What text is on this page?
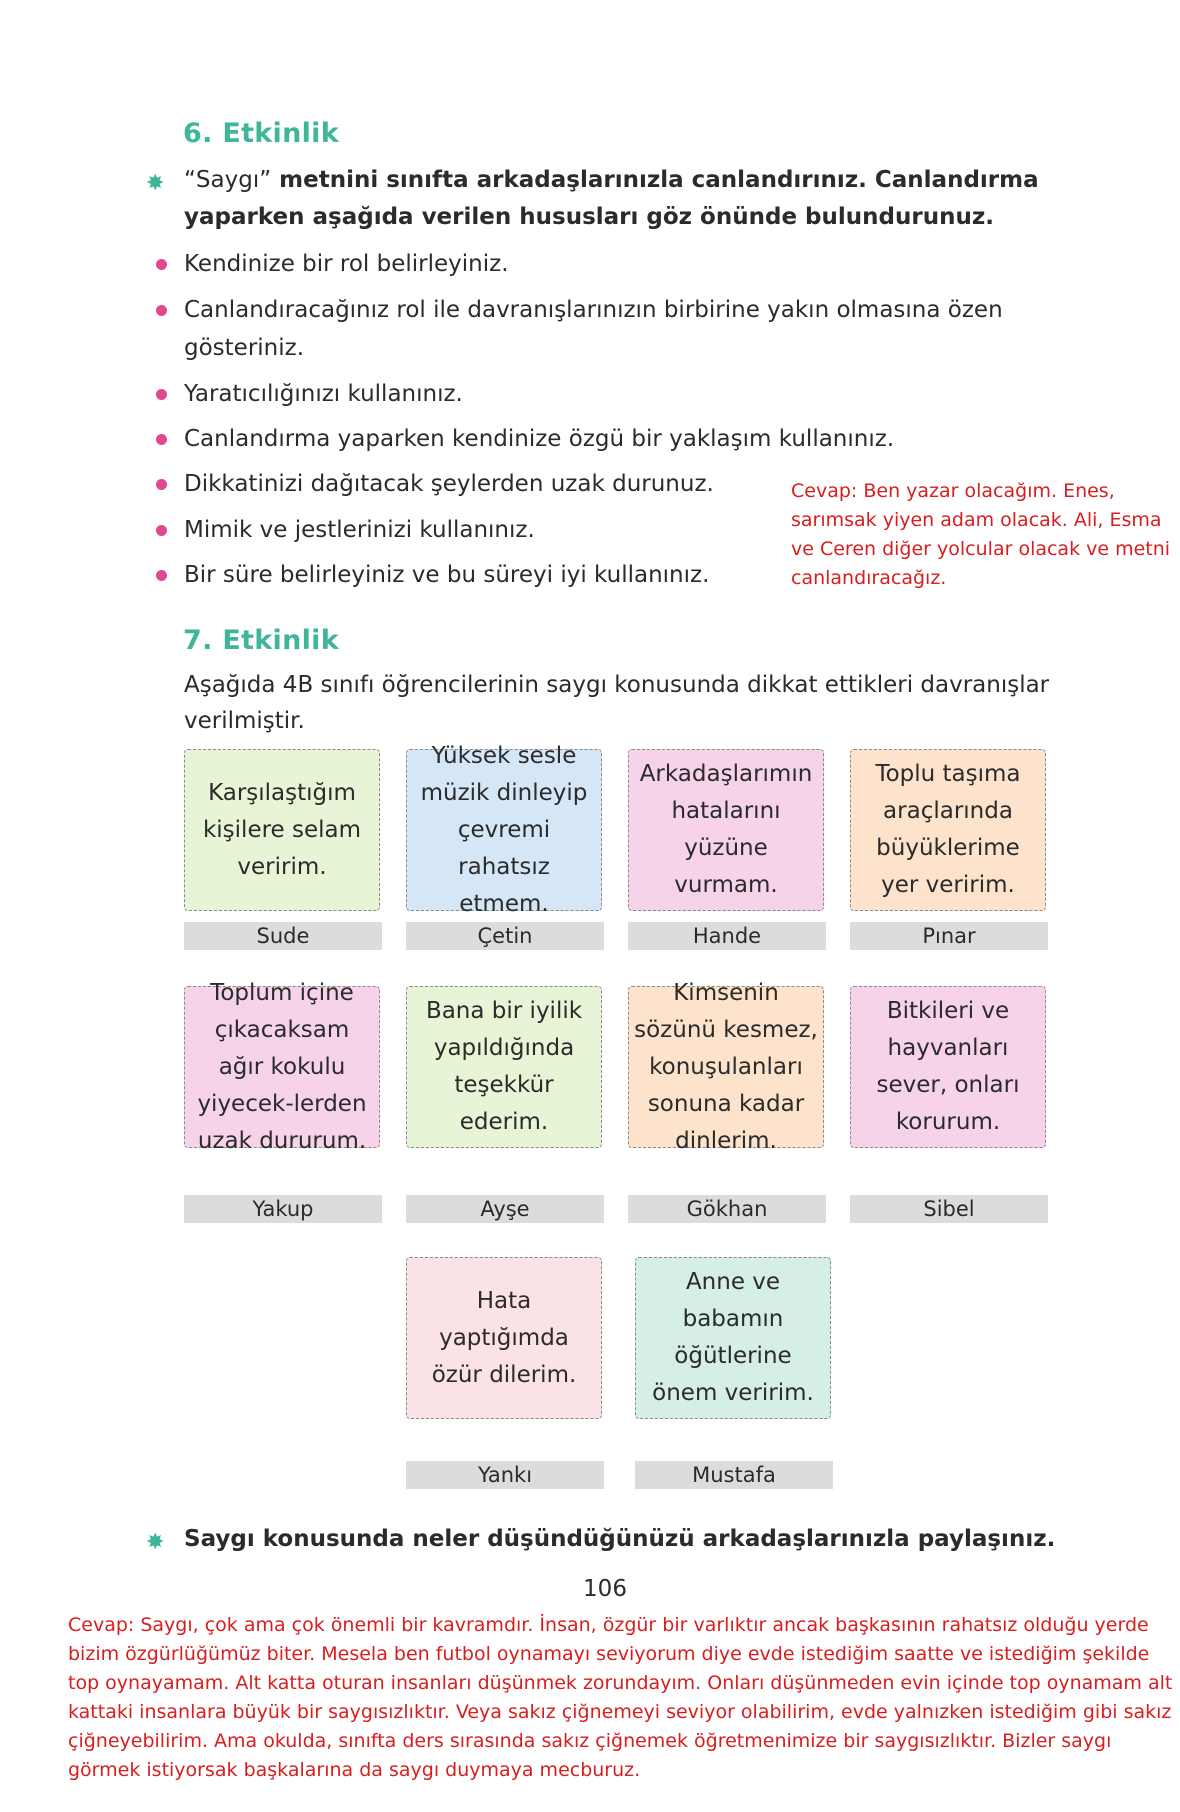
6. Etkinlik
✸ “Saygı” metnini sınıfta arkadaşlarınızla canlandırınız. Canlandırma yaparken aşağıda verilen hususları göz önünde bulundurunuz.
Kendinize bir rol belirleyiniz.
Canlandıracağınız rol ile davranışlarınızın birbirine yakın olmasına özen gösteriniz.
Yaratıcılığınızı kullanınız.
Canlandırma yaparken kendinize özgü bir yaklaşım kullanınız.
Dikkatinizi dağıtacak şeylerden uzak durunuz.
Mimik ve jestlerinizi kullanınız.
Bir süre belirleyiniz ve bu süreyi iyi kullanınız.
Cevap: Ben yazar olacağım. Enes, sarımsak yiyen adam olacak. Ali, Esma ve Ceren diğer yolcular olacak ve metni canlandıracağız.
7. Etkinlik
Aşağıda 4B sınıfı öğrencilerinin saygı konusunda dikkat ettikleri davranışlar verilmiştir.
Karşılaştığım kişilere selam veririm.
Sude
Yüksek sesle müzik dinleyip çevremi rahatsız etmem.
Çetin
Arkadaşlarımın hatalarını yüzüne vurmam.
Hande
Toplu taşıma araçlarında büyüklerime yer veririm.
Pınar
Toplum içine çıkacaksam ağır kokulu yiyecek-lerden uzak dururum.
Yakup
Bana bir iyilik yapıldığında teşekkür ederim.
Ayşe
Kimsenin sözünü kesmez, konuşulanları sonuna kadar dinlerim.
Gökhan
Bitkileri ve hayvanları sever, onları korurum.
Sibel
Hata yaptığımda özür dilerim.
Yankı
Anne ve babamın öğütlerine önem veririm.
Mustafa
✸ Saygı konusunda neler düşündüğünüzü arkadaşlarınızla paylaşınız.
106
Cevap: Saygı, çok ama çok önemli bir kavramdır. İnsan, özgür bir varlıktır ancak başkasının rahatsız olduğu yerde bizim özgürlüğümüz biter. Mesela ben futbol oynamayı seviyorum diye evde istediğim saatte ve istediğim şekilde top oynayamam. Alt katta oturan insanları düşünmek zorundayım. Onları düşünmeden evin içinde top oynamam alt kattaki insanlara büyük bir saygısızlıktır. Veya sakız çiğnemeyi seviyor olabilirim, evde yalnızken istediğim gibi sakız çiğneyebilirim. Ama okulda, sınıfta ders sırasında sakız çiğnemek öğretmenimize bir saygısızlıktır. Bizler saygı görmek istiyorsak başkalarına da saygı duymaya mecburuz.
